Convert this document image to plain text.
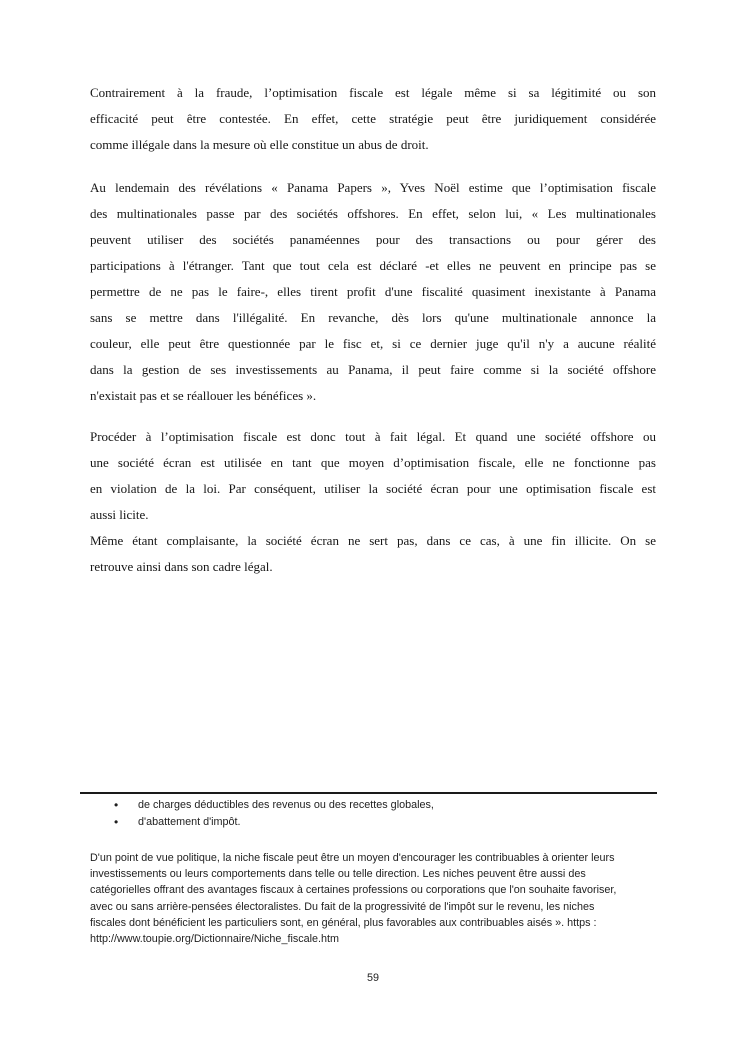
Contrairement à la fraude, l’optimisation fiscale est légale même si sa légitimité ou son
efficacité peut être contestée. En effet, cette stratégie peut être juridiquement considérée
comme illégale dans la mesure où elle constitue un abus de droit.
Au lendemain des révélations « Panama Papers », Yves Noël estime que l’optimisation fiscale
des multinationales passe par des sociétés offshores. En effet, selon lui, « Les multinationales
peuvent utiliser des sociétés panaméennes pour des transactions ou pour gérer des
participations à l'étranger. Tant que tout cela est déclaré -et elles ne peuvent en principe pas se
permettre de ne pas le faire-, elles tirent profit d'une fiscalité quasiment inexistante à Panama
sans se mettre dans l'illégalité. En revanche, dès lors qu'une multinationale annonce la
couleur, elle peut être questionnée par le fisc et, si ce dernier juge qu'il n'y a aucune réalité
dans la gestion de ses investissements au Panama, il peut faire comme si la société offshore
n'existait pas et se réallouer les bénéfices ».
Procéder à l’optimisation fiscale est donc tout à fait légal. Et quand une société offshore ou
une société écran est utilisée en tant que moyen d’optimisation fiscale, elle ne fonctionne pas
en violation de la loi. Par conséquent, utiliser la société écran pour une optimisation fiscale est
aussi licite.
Même étant complaisante, la société écran ne sert pas, dans ce cas, à une fin illicite. On se
retrouve ainsi dans son cadre légal.
• de charges déductibles des revenus ou des recettes globales,
• d'abattement d'impôt.
D'un point de vue politique, la niche fiscale peut être un moyen d'encourager les contribuables à orienter leurs
investissements ou leurs comportements dans telle ou telle direction. Les niches peuvent être aussi des
catégorielles offrant des avantages fiscaux à certaines professions ou corporations que l'on souhaite favoriser,
avec ou sans arrière-pensées électoralistes. Du fait de la progressivité de l'impôt sur le revenu, les niches
fiscales dont bénéficient les particuliers sont, en général, plus favorables aux contribuables aisés ». https :
http://www.toupie.org/Dictionnaire/Niche_fiscale.htm
59
